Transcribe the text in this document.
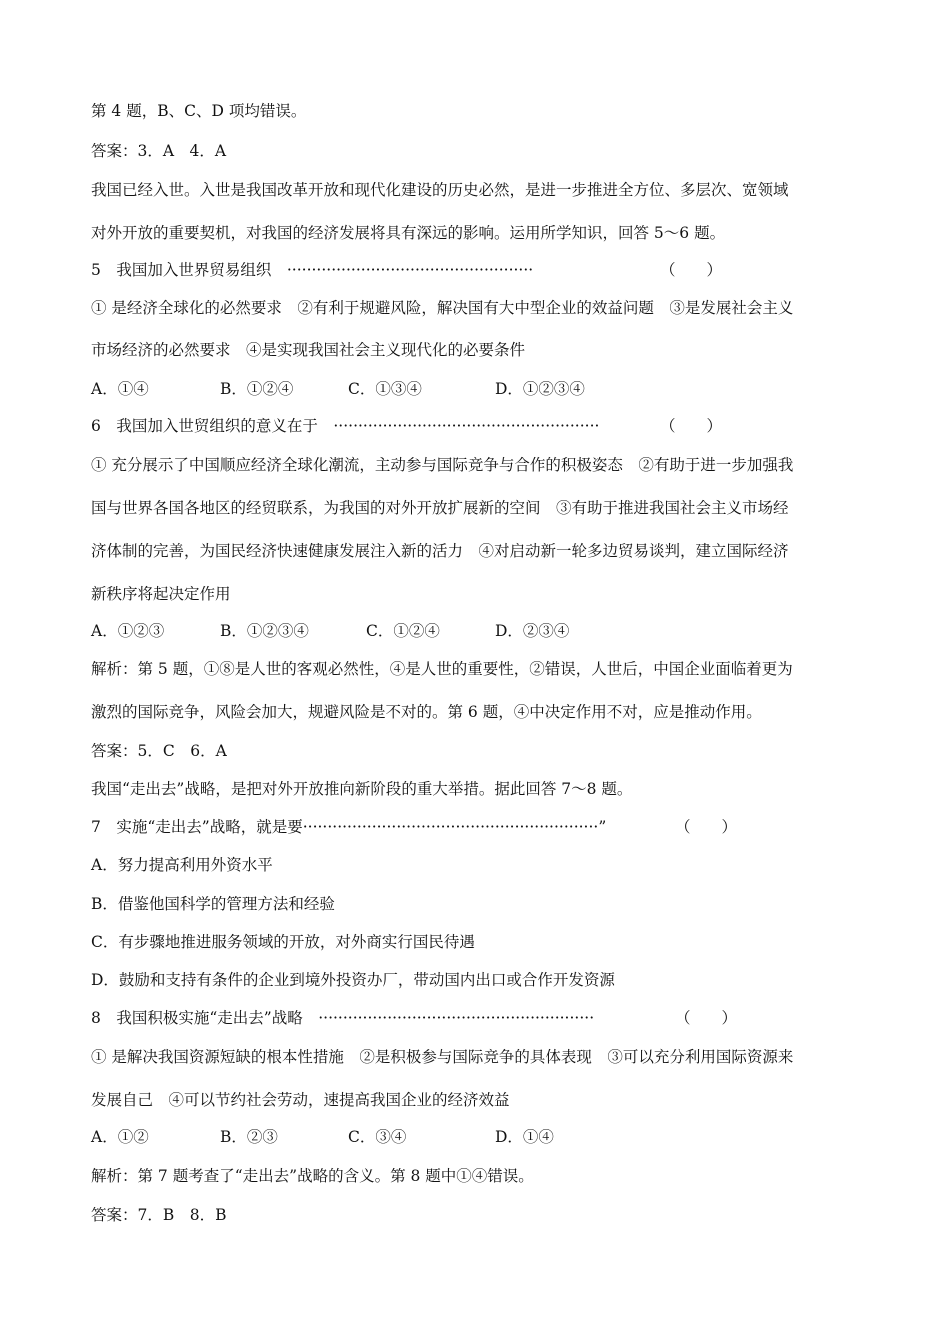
第 4 题，B、C、D 项均错误。
答案：3．A　4．A
我国已经入世。入世是我国改革开放和现代化建设的历史必然，是进一步推进全方位、多层次、宽领域
对外开放的重要契机，对我国的经济发展将具有深远的影响。运用所学知识，回答 5～6 题。
5　我国加入世界贸易组织　··················································	（　　）
① 是经济全球化的必然要求　②有利于规避风险，解决国有大中型企业的效益问题　③是发展社会主义
市场经济的必然要求　④是实现我国社会主义现代化的必要条件
A．①④	B．①②④	C．①③④	D．①②③④
6　我国加入世贸组织的意义在于　······················································	（　　）
① 充分展示了中国顺应经济全球化潮流，主动参与国际竞争与合作的积极姿态　②有助于进一步加强我
国与世界各国各地区的经贸联系，为我国的对外开放扩展新的空间　③有助于推进我国社会主义市场经
济体制的完善，为国民经济快速健康发展注入新的活力　④对启动新一轮多边贸易谈判，建立国际经济
新秩序将起决定作用
A．①②③	B．①②③④	C．①②④	D．②③④
解析：第 5 题，①⑧是人世的客观必然性，④是人世的重要性，②错误，人世后，中国企业面临着更为
激烈的国际竞争，风险会加大，规避风险是不对的。第 6 题，④中决定作用不对，应是推动作用。
答案：5．C　6．A
我国“走出去”战略，是把对外开放推向新阶段的重大举措。据此回答 7～8 题。
7　实施“走出去”战略，就是要····························································”	（　　）
A．努力提高利用外资水平
B．借鉴他国科学的管理方法和经验
C．有步骤地推进服务领域的开放，对外商实行国民待遇
D．鼓励和支持有条件的企业到境外投资办厂，带动国内出口或合作开发资源
8　我国积极实施“走出去”战略　························································	（　　）
① 是解决我国资源短缺的根本性措施　②是积极参与国际竞争的具体表现　③可以充分利用国际资源来
发展自己　④可以节约社会劳动，速提高我国企业的经济效益
A．①②	B．②③	C．③④	D．①④
解析：第 7 题考查了“走出去”战略的含义。第 8 题中①④错误。
答案：7．B　8．B
